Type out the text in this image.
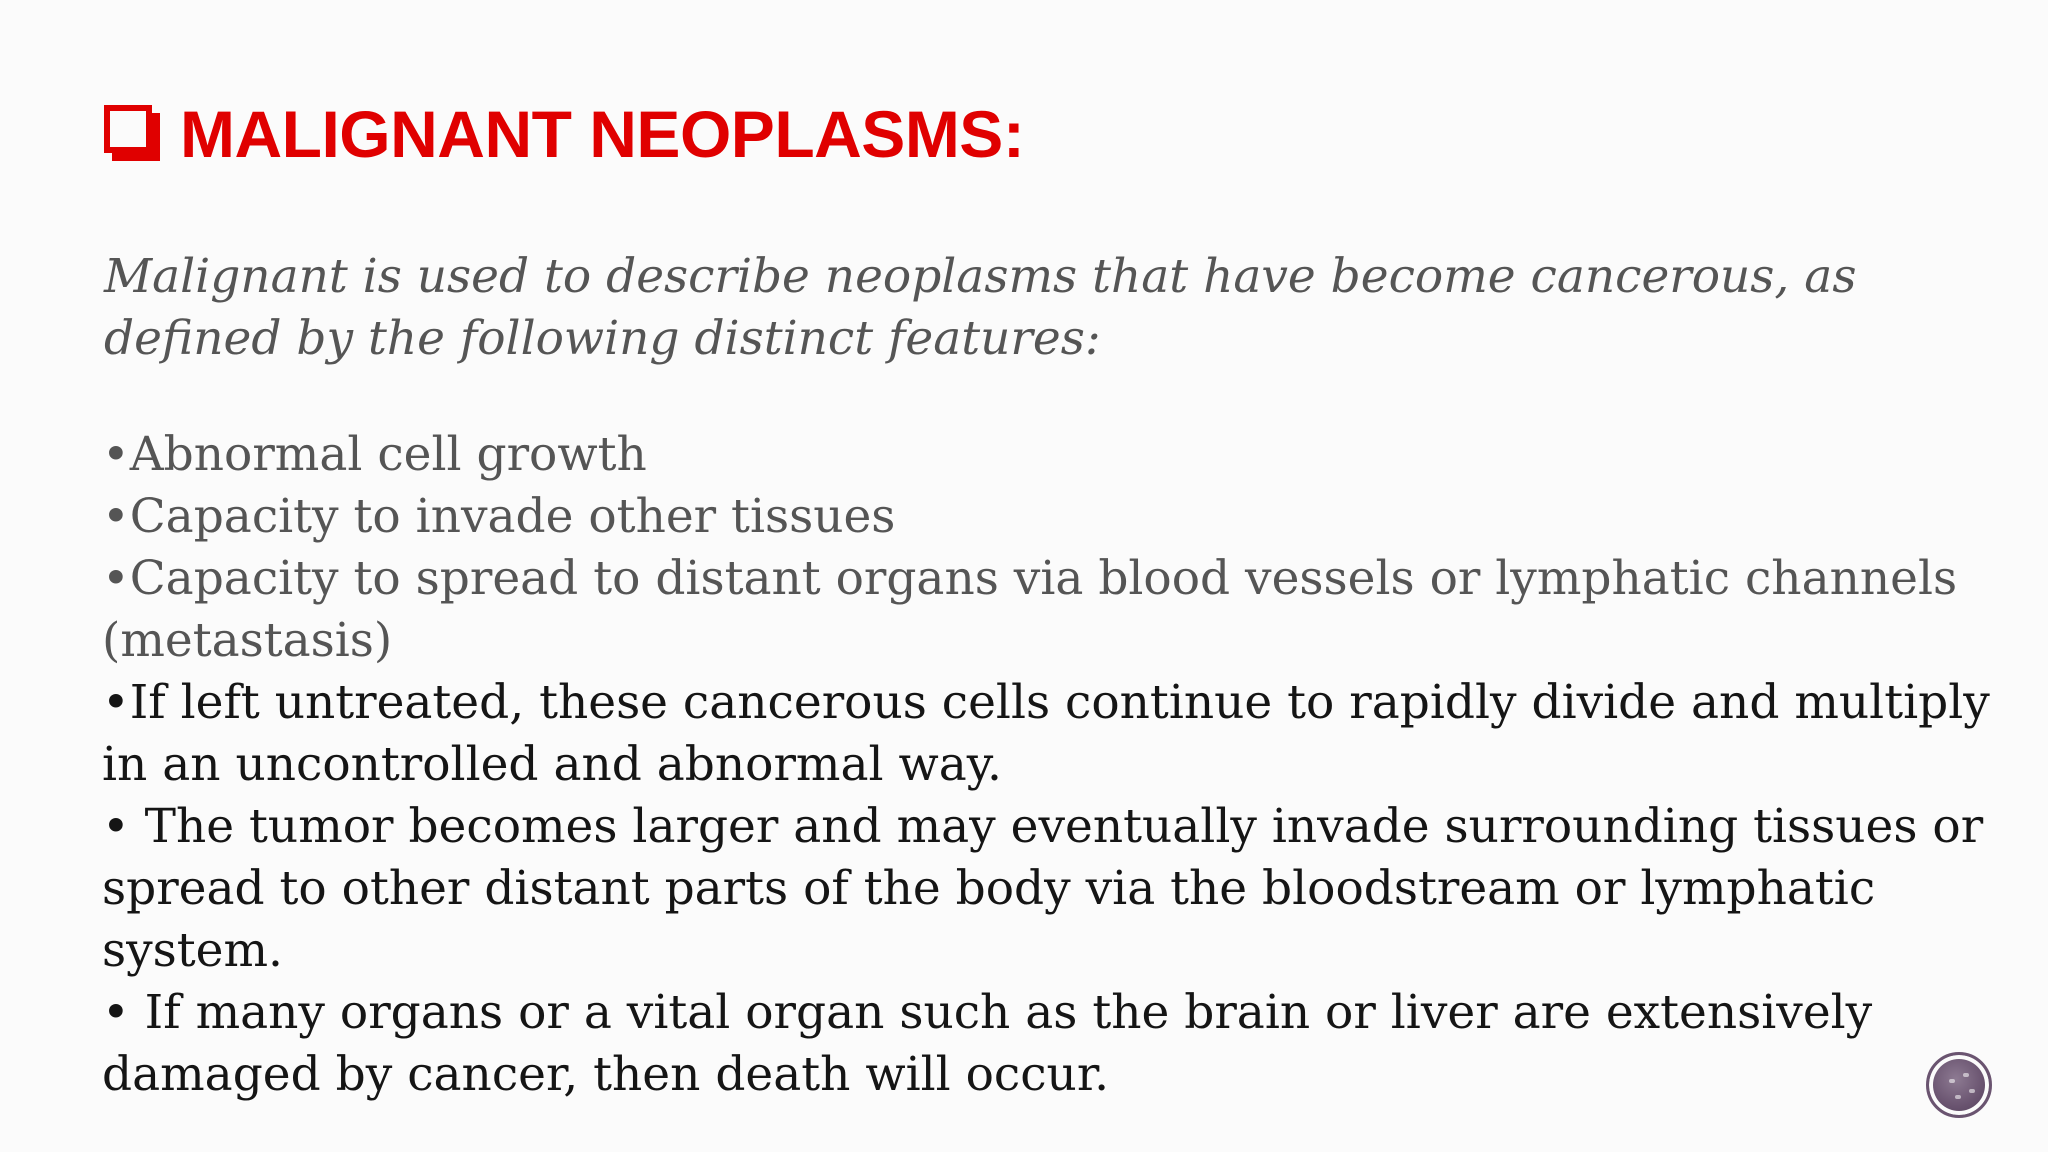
MALIGNANT NEOPLASMS:
Malignant is used to describe neoplasms that have become cancerous, as defined by the following distinct features:

•Abnormal cell growth

•Capacity to invade other tissues

•Capacity to spread to distant organs via blood vessels or lymphatic channels (metastasis)

•If left untreated, these cancerous cells continue to rapidly divide and multiply in an uncontrolled and abnormal way.

• The tumor becomes larger and may eventually invade surrounding tissues or spread to other distant parts of the body via the bloodstream or lymphatic system.

• If many organs or a vital organ such as the brain or liver are extensively damaged by cancer, then death will occur.
